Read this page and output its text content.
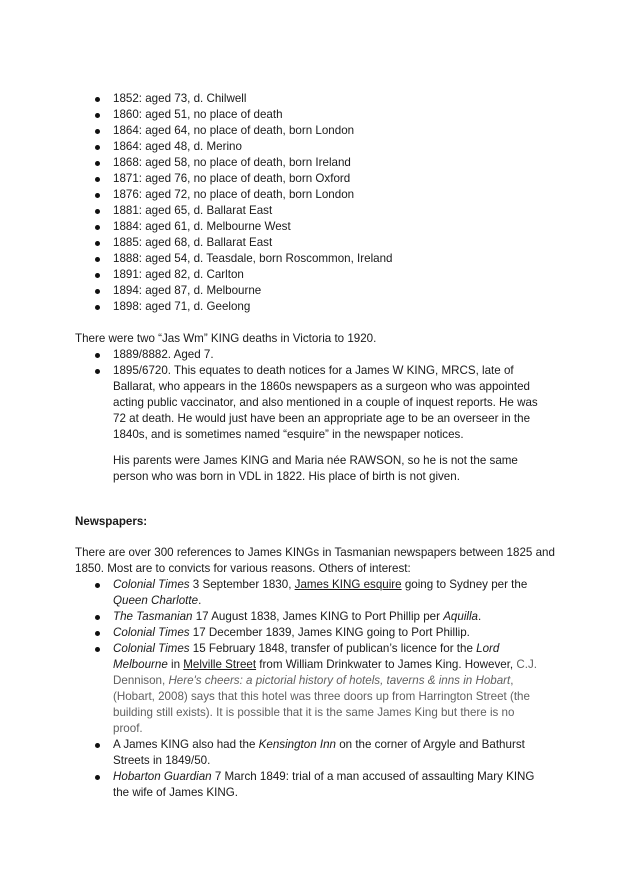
1852: aged 73, d. Chilwell
1860: aged 51, no place of death
1864: aged 64, no place of death, born London
1864: aged 48, d. Merino
1868: aged 58, no place of death, born Ireland
1871: aged 76, no place of death, born Oxford
1876: aged 72, no place of death, born London
1881: aged 65, d. Ballarat East
1884: aged 61, d. Melbourne West
1885: aged 68, d. Ballarat East
1888: aged 54, d. Teasdale, born Roscommon, Ireland
1891: aged 82, d. Carlton
1894: aged 87, d. Melbourne
1898: aged 71, d. Geelong

There were two “Jas Wm” KING deaths in Victoria to 1920.

1889/8882. Aged 7.
1895/6720. This equates to death notices for a James W KING, MRCS, late of Ballarat, who appears in the 1860s newspapers as a surgeon who was appointed acting public vaccinator, and also mentioned in a couple of inquest reports. He was 72 at death. He would just have been an appropriate age to be an overseer in the 1840s, and is sometimes named “esquire” in the newspaper notices.

His parents were James KING and Maria née RAWSON, so he is not the same person who was born in VDL in 1822. His place of birth is not given.

Newspapers:

There are over 300 references to James KINGs in Tasmanian newspapers between 1825 and 1850. Most are to convicts for various reasons. Others of interest:

Colonial Times 3 September 1830, James KING esquire going to Sydney per the Queen Charlotte.
The Tasmanian 17 August 1838, James KING to Port Phillip per Aquilla.
Colonial Times 17 December 1839, James KING going to Port Phillip.
Colonial Times 15 February 1848, transfer of publican’s licence for the Lord Melbourne in Melville Street from William Drinkwater to James King. However, C.J. Dennison, Here's cheers: a pictorial history of hotels, taverns & inns in Hobart, (Hobart, 2008) says that this hotel was three doors up from Harrington Street (the building still exists). It is possible that it is the same James King but there is no proof.
A James KING also had the Kensington Inn on the corner of Argyle and Bathurst Streets in 1849/50.
Hobarton Guardian 7 March 1849: trial of a man accused of assaulting Mary KING the wife of James KING.
